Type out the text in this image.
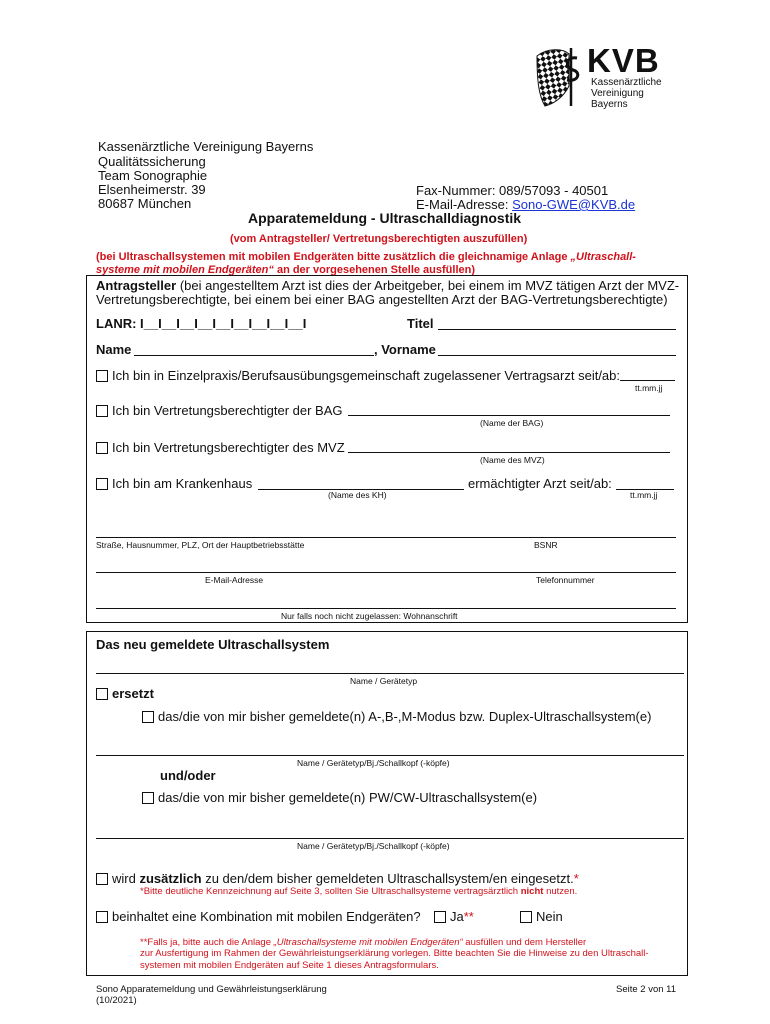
KVB
Kassenärztliche
Vereinigung
Bayerns
Kassenärztliche Vereinigung Bayerns
Qualitätssicherung
Team Sonographie
Elsenheimerstr. 39
80687 München
Fax-Nummer: 089/57093 - 40501
E-Mail-Adresse: Sono-GWE@KVB.de
Apparatemeldung - Ultraschalldiagnostik
(vom Antragsteller/ Vertretungsberechtigten auszufüllen)
(bei Ultraschallsystemen mit mobilen Endgeräten bitte zusätzlich die gleichnamige Anlage „Ultraschall-
systeme mit mobilen Endgeräten“ an der vorgesehenen Stelle ausfüllen)
Antragsteller (bei angestelltem Arzt ist dies der Arbeitgeber, bei einem im MVZ tätigen Arzt der MVZ-
Vertretungsberechtigte, bei einem bei einer BAG angestellten Arzt der BAG-Vertretungsberechtigte)
LANR: I__I__I__I__I__I__I__I__I__I	Titel
Name	, Vorname
Ich bin in Einzelpraxis/Berufsausübungsgemeinschaft zugelassener Vertragsarzt seit/ab:
tt.mm.jj
Ich bin Vertretungsberechtigter der BAG
(Name der BAG)
Ich bin Vertretungsberechtigter des MVZ
(Name des MVZ)
Ich bin am Krankenhaus	ermächtigter Arzt seit/ab:
(Name des KH)	tt.mm.jj
Straße, Hausnummer, PLZ, Ort der Hauptbetriebsstätte	BSNR
E-Mail-Adresse	Telefonnummer
Nur falls noch nicht zugelassen: Wohnanschrift
Das neu gemeldete Ultraschallsystem
Name / Gerätetyp
ersetzt
das/die von mir bisher gemeldete(n) A-,B-,M-Modus bzw. Duplex-Ultraschallsystem(e)
Name / Gerätetyp/Bj./Schallkopf (-köpfe)
und/oder
das/die von mir bisher gemeldete(n) PW/CW-Ultraschallsystem(e)
Name / Gerätetyp/Bj./Schallkopf (-köpfe)
wird zusätzlich zu den/dem bisher gemeldeten Ultraschallsystem/en eingesetzt.*
*Bitte deutliche Kennzeichnung auf Seite 3, sollten Sie Ultraschallsysteme vertragsärztlich nicht nutzen.
beinhaltet eine Kombination mit mobilen Endgeräten?	Ja**	Nein
**Falls ja, bitte auch die Anlage „Ultraschallsysteme mit mobilen Endgeräten“ ausfüllen und dem Hersteller
zur Ausfertigung im Rahmen der Gewährleistungserklärung vorlegen. Bitte beachten Sie die Hinweise zu den Ultraschall-
systemen mit mobilen Endgeräten auf Seite 1 dieses Antragsformulars.
Sono Apparatemeldung und Gewährleistungserklärung
(10/2021)
Seite 2 von 11
